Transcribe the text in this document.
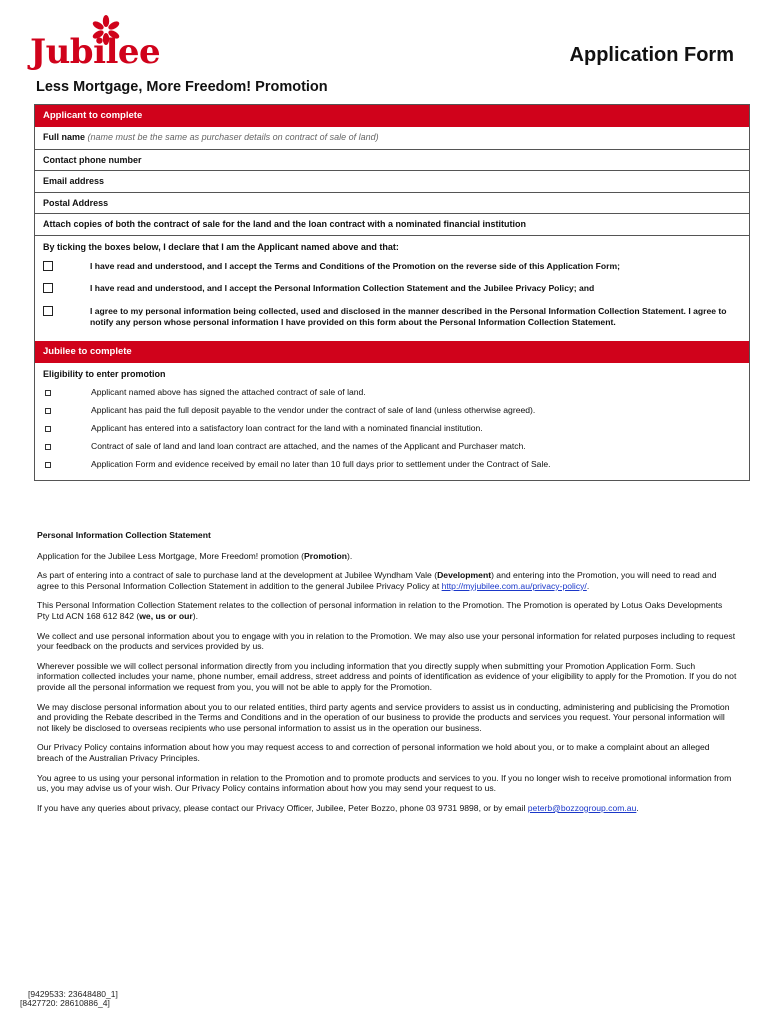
Jubilee	Application Form
Less Mortgage, More Freedom! Promotion
Applicant to complete
Full name (name must be the same as purchaser details on contract of sale of land)
Contact phone number
Email address
Postal Address
Attach copies of both the contract of sale for the land and the loan contract with a nominated financial institution
By ticking the boxes below, I declare that I am the Applicant named above and that:
I have read and understood, and I accept the Terms and Conditions of the Promotion on the reverse side of this Application Form;
I have read and understood, and I accept the Personal Information Collection Statement and the Jubilee Privacy Policy; and
I agree to my personal information being collected, used and disclosed in the manner described in the Personal Information Collection Statement. I agree to notify any person whose personal information I have provided on this form about the Personal Information Collection Statement.
Jubilee to complete
Eligibility to enter promotion
Applicant named above has signed the attached contract of sale of land.
Applicant has paid the full deposit payable to the vendor under the contract of sale of land (unless otherwise agreed).
Applicant has entered into a satisfactory loan contract for the land with a nominated financial institution.
Contract of sale of land and land loan contract are attached, and the names of the Applicant and Purchaser match.
Application Form and evidence received by email no later than 10 full days prior to settlement under the Contract of Sale.
Personal Information Collection Statement

Application for the Jubilee Less Mortgage, More Freedom! promotion (Promotion).

As part of entering into a contract of sale to purchase land at the development at Jubilee Wyndham Vale (Development) and entering into the Promotion, you will need to read and agree to this Personal Information Collection Statement in addition to the general Jubilee Privacy Policy at http://myjubilee.com.au/privacy-policy/.

This Personal Information Collection Statement relates to the collection of personal information in relation to the Promotion. The Promotion is operated by Lotus Oaks Developments Pty Ltd ACN 168 612 842 (we, us or our).

We collect and use personal information about you to engage with you in relation to the Promotion. We may also use your personal information for related purposes including to request your feedback on the products and services provided by us.

Wherever possible we will collect personal information directly from you including information that you directly supply when submitting your Promotion Application Form. Such information collected includes your name, phone number, email address, street address and points of identification as evidence of your eligibility to apply for the Promotion. If you do not provide all the personal information we request from you, you will not be able to apply for the Promotion.

We may disclose personal information about you to our related entities, third party agents and service providers to assist us in conducting, administering and publicising the Promotion and providing the Rebate described in the Terms and Conditions and in the operation of our business to provide the products and services you request. Your personal information will not likely be disclosed to overseas recipients who use personal information to assist us in the operation our business.

Our Privacy Policy contains information about how you may request access to and correction of personal information we hold about you, or to make a complaint about an alleged breach of the Australian Privacy Principles.

You agree to us using your personal information in relation to the Promotion and to promote products and services to you. If you no longer wish to receive promotional information from us, you may advise us of your wish. Our Privacy Policy contains information about how you may send your request to us.

If you have any queries about privacy, please contact our Privacy Officer, Jubilee, Peter Bozzo, phone 03 9731 9898, or by email peterb@bozzogroup.com.au.

[9429533: 23648480_1]
[8427720: 28610886_4]
